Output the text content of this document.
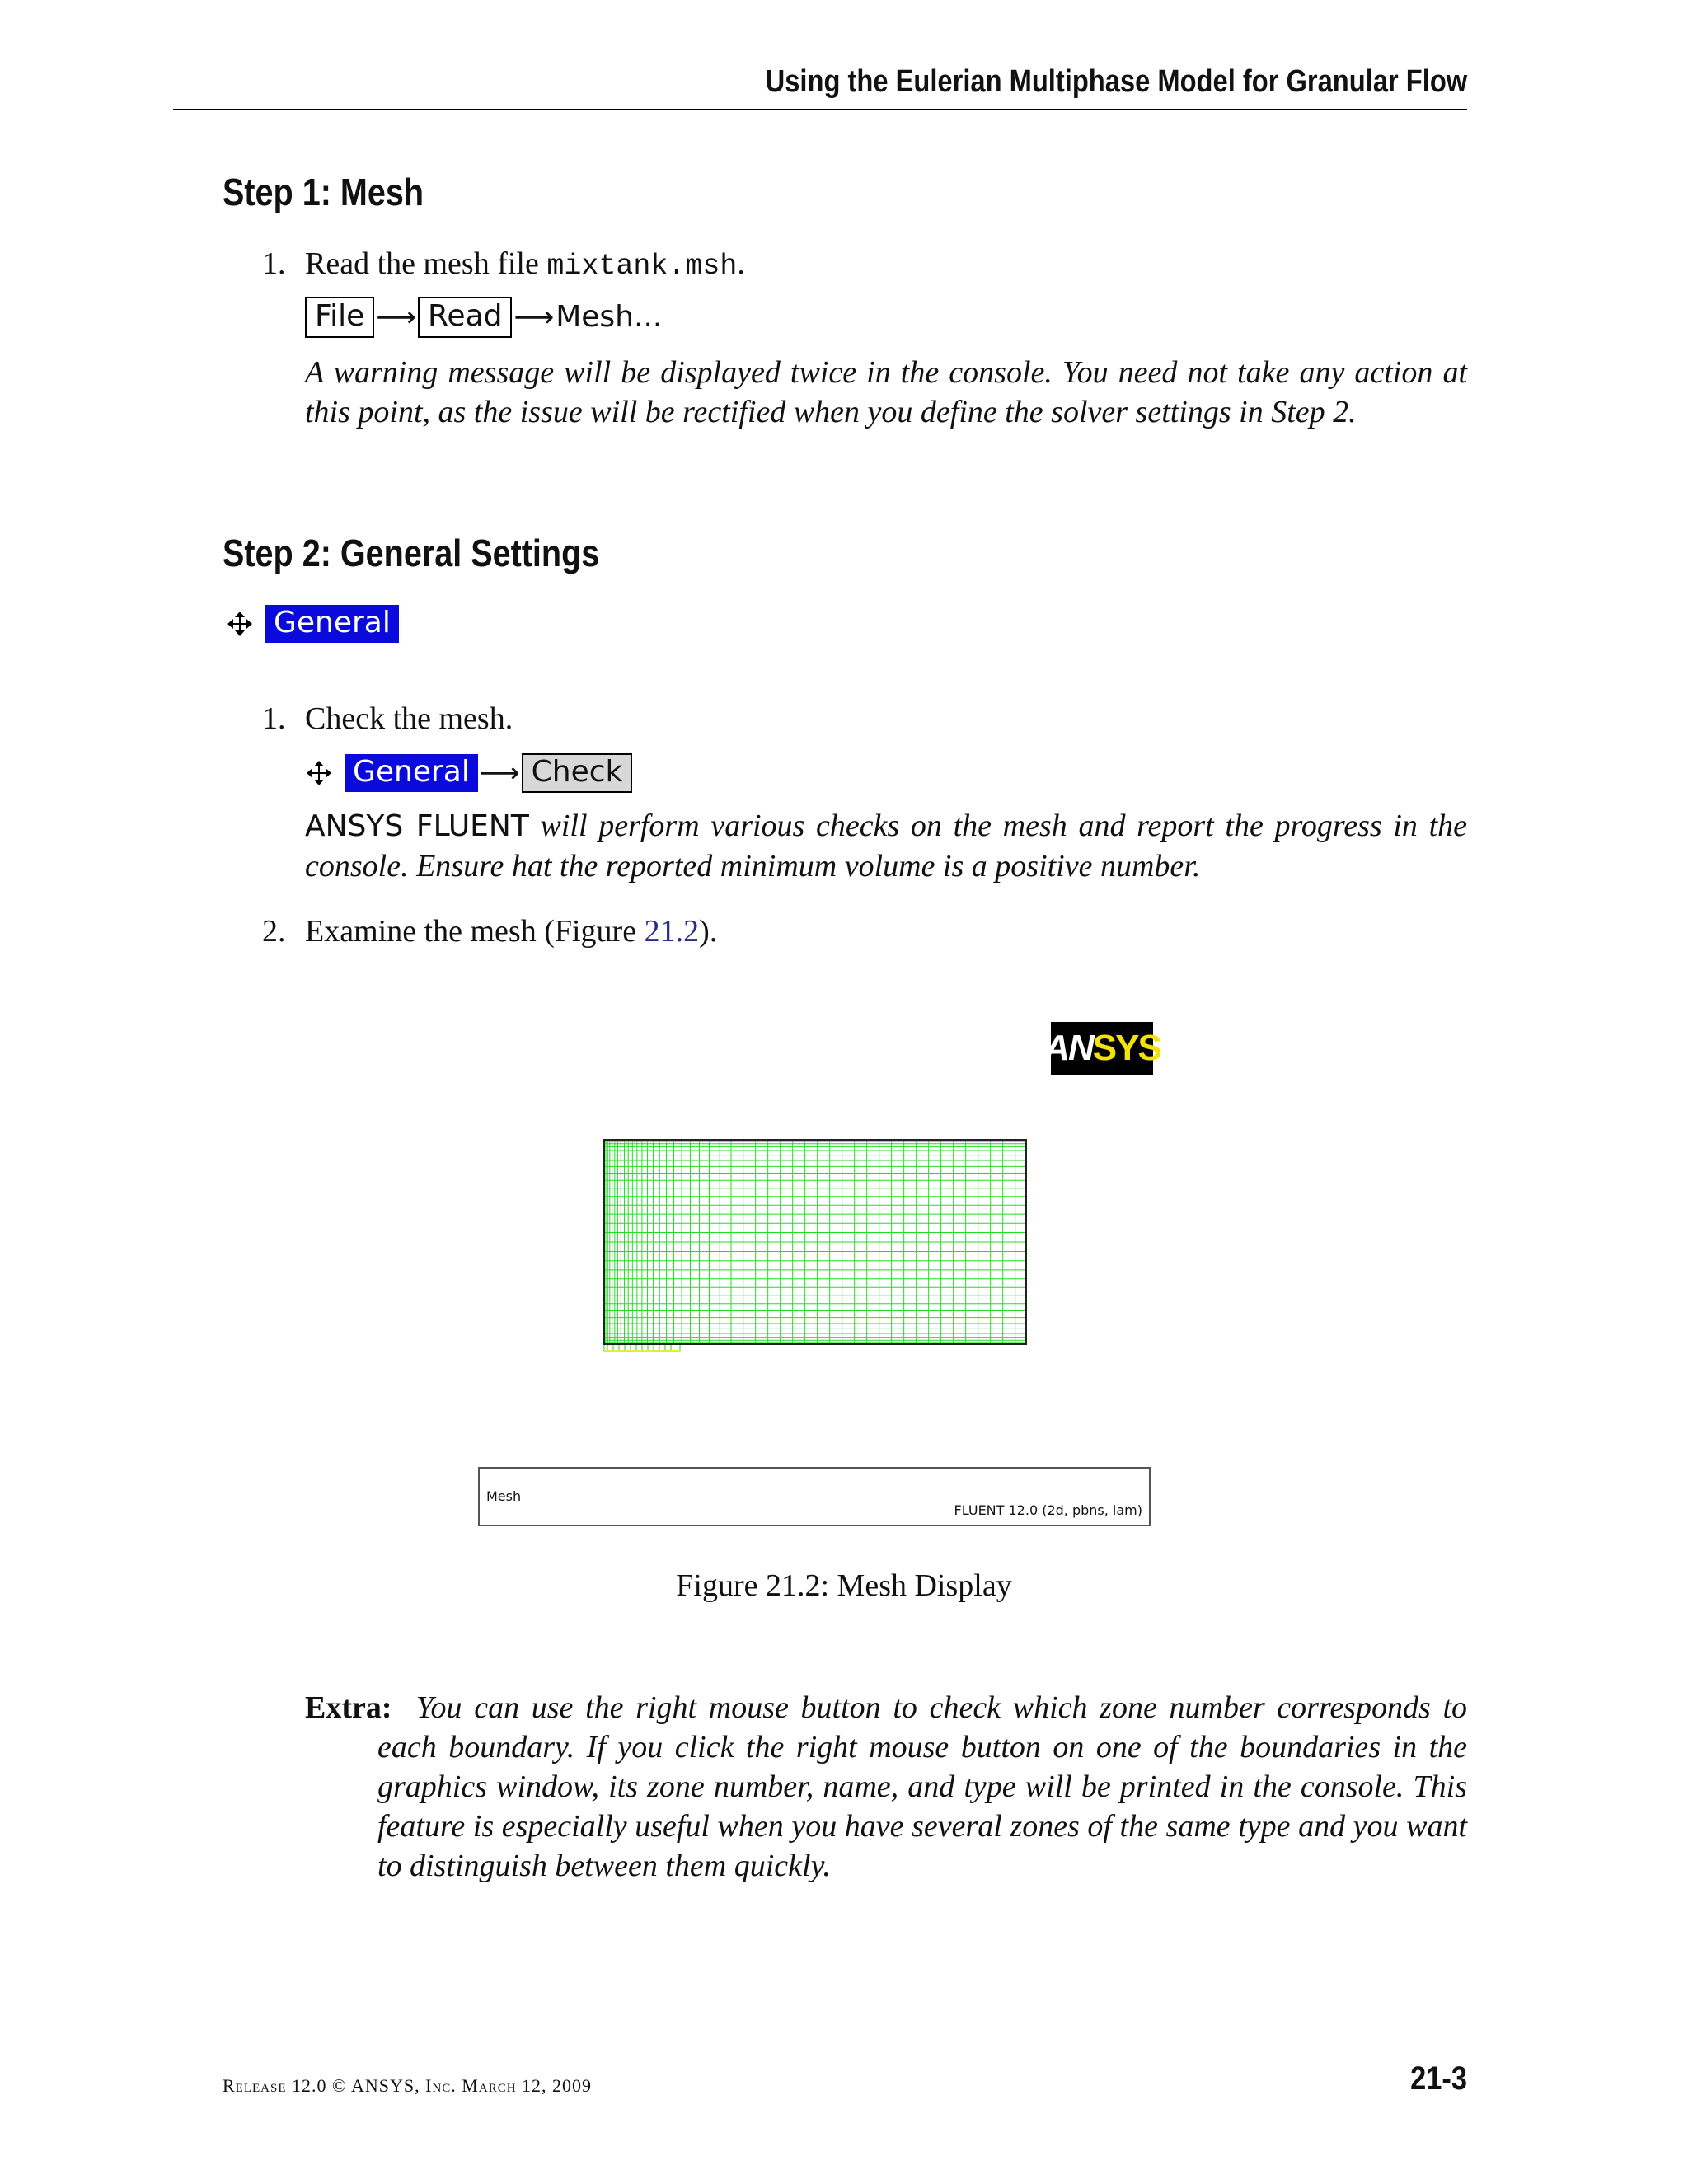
Using the Eulerian Multiphase Model for Granular Flow
Step 1: Mesh
1. Read the mesh file mixtank.msh.
File ⟶ Read ⟶ Mesh...
A warning message will be displayed twice in the console. You need not take any action at this point, as the issue will be rectified when you define the solver settings in Step 2.
Step 2: General Settings
General
1. Check the mesh.
General ⟶ Check
ANSYS FLUENT will perform various checks on the mesh and report the progress in the console. Ensure hat the reported minimum volume is a positive number.
2. Examine the mesh (Figure 21.2).
AN SYS
Mesh
FLUENT 12.0 (2d, pbns, lam)
Figure 21.2: Mesh Display
Extra: You can use the right mouse button to check which zone number corresponds to each boundary. If you click the right mouse button on one of the boundaries in the graphics window, its zone number, name, and type will be printed in the console. This feature is especially useful when you have several zones of the same type and you want to distinguish between them quickly.
Release 12.0 © ANSYS, Inc. March 12, 2009	21-3
